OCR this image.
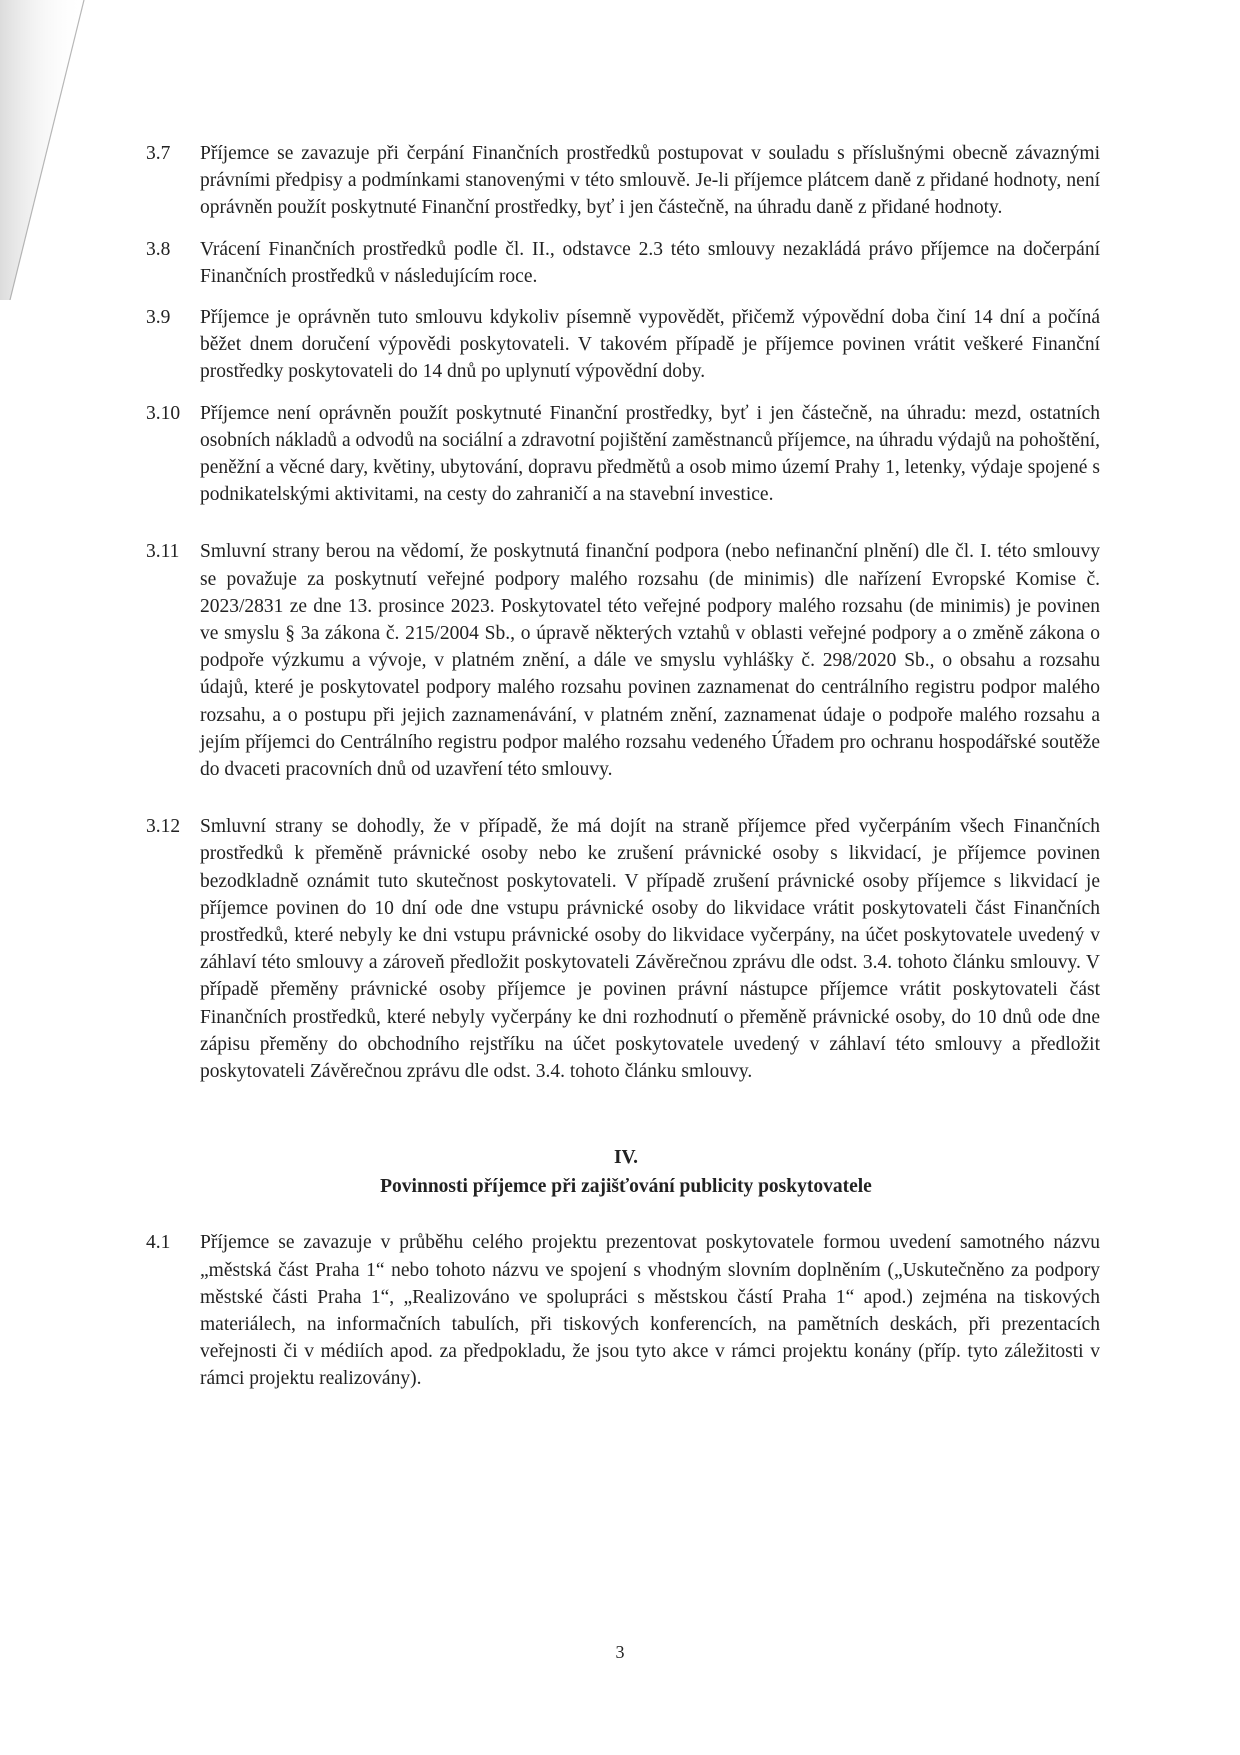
3.7	Příjemce se zavazuje při čerpání Finančních prostředků postupovat v souladu s příslušnými obecně závaznými právními předpisy a podmínkami stanovenými v této smlouvě. Je-li příjemce plátcem daně z přidané hodnoty, není oprávněn použít poskytnuté Finanční prostředky, byť i jen částečně, na úhradu daně z přidané hodnoty.
3.8	Vrácení Finančních prostředků podle čl. II., odstavce 2.3 této smlouvy nezakládá právo příjemce na dočerpání Finančních prostředků v následujícím roce.
3.9	Příjemce je oprávněn tuto smlouvu kdykoliv písemně vypovědět, přičemž výpovědní doba činí 14 dní a počíná běžet dnem doručení výpovědi poskytovateli. V takovém případě je příjemce povinen vrátit veškeré Finanční prostředky poskytovateli do 14 dnů po uplynutí výpovědní doby.
3.10	Příjemce není oprávněn použít poskytnuté Finanční prostředky, byť i jen částečně, na úhradu: mezd, ostatních osobních nákladů a odvodů na sociální a zdravotní pojištění zaměstnanců příjemce, na úhradu výdajů na pohoštění, peněžní a věcné dary, květiny, ubytování, dopravu předmětů a osob mimo území Prahy 1, letenky, výdaje spojené s podnikatelskými aktivitami, na cesty do zahraničí a na stavební investice.
3.11	Smluvní strany berou na vědomí, že poskytnutá finanční podpora (nebo nefinanční plnění) dle čl. I. této smlouvy se považuje za poskytnutí veřejné podpory malého rozsahu (de minimis) dle nařízení Evropské Komise č. 2023/2831 ze dne 13. prosince 2023. Poskytovatel této veřejné podpory malého rozsahu (de minimis) je povinen ve smyslu § 3a zákona č. 215/2004 Sb., o úpravě některých vztahů v oblasti veřejné podpory a o změně zákona o podpoře výzkumu a vývoje, v platném znění, a dále ve smyslu vyhlášky č. 298/2020 Sb., o obsahu a rozsahu údajů, které je poskytovatel podpory malého rozsahu povinen zaznamenat do centrálního registru podpor malého rozsahu, a o postupu při jejich zaznamenávání, v platném znění, zaznamenat údaje o podpoře malého rozsahu a jejím příjemci do Centrálního registru podpor malého rozsahu vedeného Úřadem pro ochranu hospodářské soutěže do dvaceti pracovních dnů od uzavření této smlouvy.
3.12	Smluvní strany se dohodly, že v případě, že má dojít na straně příjemce před vyčerpáním všech Finančních prostředků k přeměně právnické osoby nebo ke zrušení právnické osoby s likvidací, je příjemce povinen bezodkladně oznámit tuto skutečnost poskytovateli. V případě zrušení právnické osoby příjemce s likvidací je příjemce povinen do 10 dní ode dne vstupu právnické osoby do likvidace vrátit poskytovateli část Finančních prostředků, které nebyly ke dni vstupu právnické osoby do likvidace vyčerpány, na účet poskytovatele uvedený v záhlaví této smlouvy a zároveň předložit poskytovateli Závěrečnou zprávu dle odst. 3.4. tohoto článku smlouvy. V případě přeměny právnické osoby příjemce je povinen právní nástupce příjemce vrátit poskytovateli část Finančních prostředků, které nebyly vyčerpány ke dni rozhodnutí o přeměně právnické osoby, do 10 dnů ode dne zápisu přeměny do obchodního rejstříku na účet poskytovatele uvedený v záhlaví této smlouvy a předložit poskytovateli Závěrečnou zprávu dle odst. 3.4. tohoto článku smlouvy.
IV.
Povinnosti příjemce při zajišťování publicity poskytovatele
4.1	Příjemce se zavazuje v průběhu celého projektu prezentovat poskytovatele formou uvedení samotného názvu „městská část Praha 1“ nebo tohoto názvu ve spojení s vhodným slovním doplněním („Uskutečněno za podpory městské části Praha 1“, „Realizováno ve spolupráci s městskou částí Praha 1“ apod.) zejména na tiskových materiálech, na informačních tabulích, při tiskových konferencích, na pamětních deskách, při prezentacích veřejnosti či v médiích apod. za předpokladu, že jsou tyto akce v rámci projektu konány (příp. tyto záležitosti v rámci projektu realizovány).
3
